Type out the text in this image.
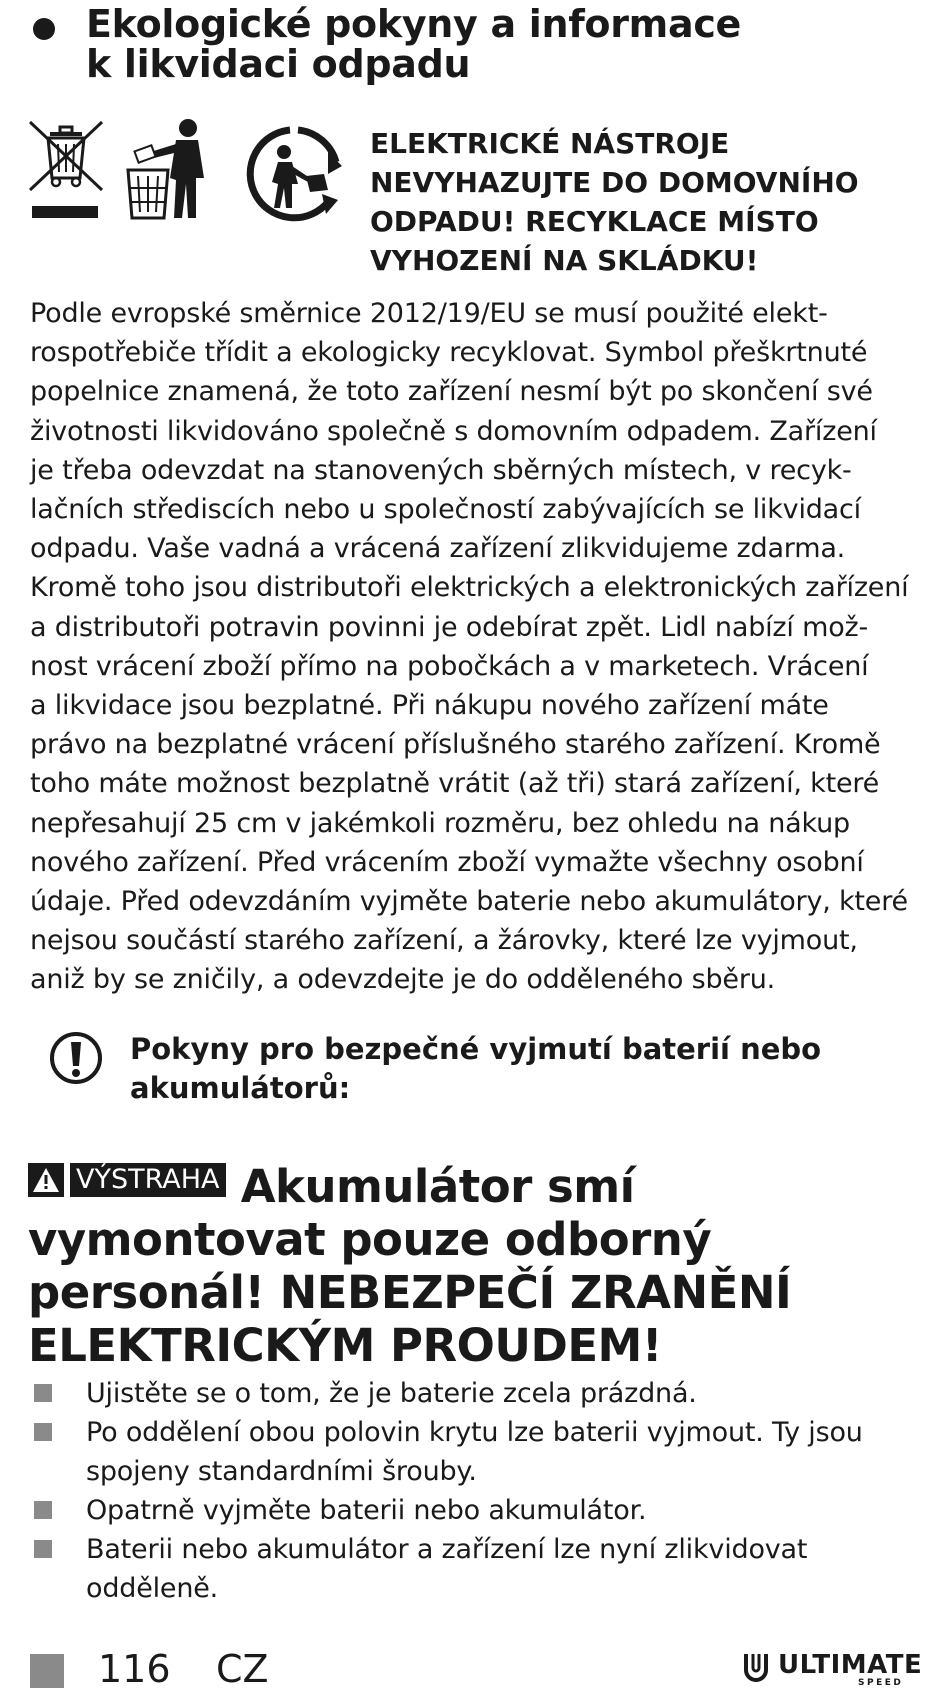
Ekologické pokyny a informace
k likvidaci odpadu
ELEKTRICKÉ NÁSTROJE
NEVYHAZUJTE DO DOMOVNÍHO
ODPADU! RECYKLACE MÍSTO
VYHOZENÍ NA SKLÁDKU!
Podle evropské směrnice 2012/19/EU se musí použité elekt-
rospotřebiče třídit a ekologicky recyklovat. Symbol přeškrtnuté
popelnice znamená, že toto zařízení nesmí být po skončení své
životnosti likvidováno společně s domovním odpadem. Zařízení
je třeba odevzdat na stanovených sběrných místech, v recyk-
lačních střediscích nebo u společností zabývajících se likvidací
odpadu. Vaše vadná a vrácená zařízení zlikvidujeme zdarma.
Kromě toho jsou distributoři elektrických a elektronických zařízení
a distributoři potravin povinni je odebírat zpět. Lidl nabízí mož-
nost vrácení zboží přímo na pobočkách a v marketech. Vrácení
a likvidace jsou bezplatné. Při nákupu nového zařízení máte
právo na bezplatné vrácení příslušného starého zařízení. Kromě
toho máte možnost bezplatně vrátit (až tři) stará zařízení, které
nepřesahují 25 cm v jakémkoli rozměru, bez ohledu na nákup
nového zařízení. Před vrácením zboží vymažte všechny osobní
údaje. Před odevzdáním vyjměte baterie nebo akumulátory, které
nejsou součástí starého zařízení, a žárovky, které lze vyjmout,
aniž by se zničily, a odevzdejte je do odděleného sběru.

Pokyny pro bezpečné vyjmutí baterií nebo
akumulátorů:

VÝSTRAHA Akumulátor smí
vymontovat pouze odborný
personál! NEBEZPEČÍ ZRANĚNÍ
ELEKTRICKÝM PROUDEM!

Ujistěte se o tom, že je baterie zcela prázdná.
Po oddělení obou polovin krytu lze baterii vyjmout. Ty jsou
spojeny standardními šrouby.
Opatrně vyjměte baterii nebo akumulátor.
Baterii nebo akumulátor a zařízení lze nyní zlikvidovat
odděleně.
116 CZ	ULTIMATE
SPEED
